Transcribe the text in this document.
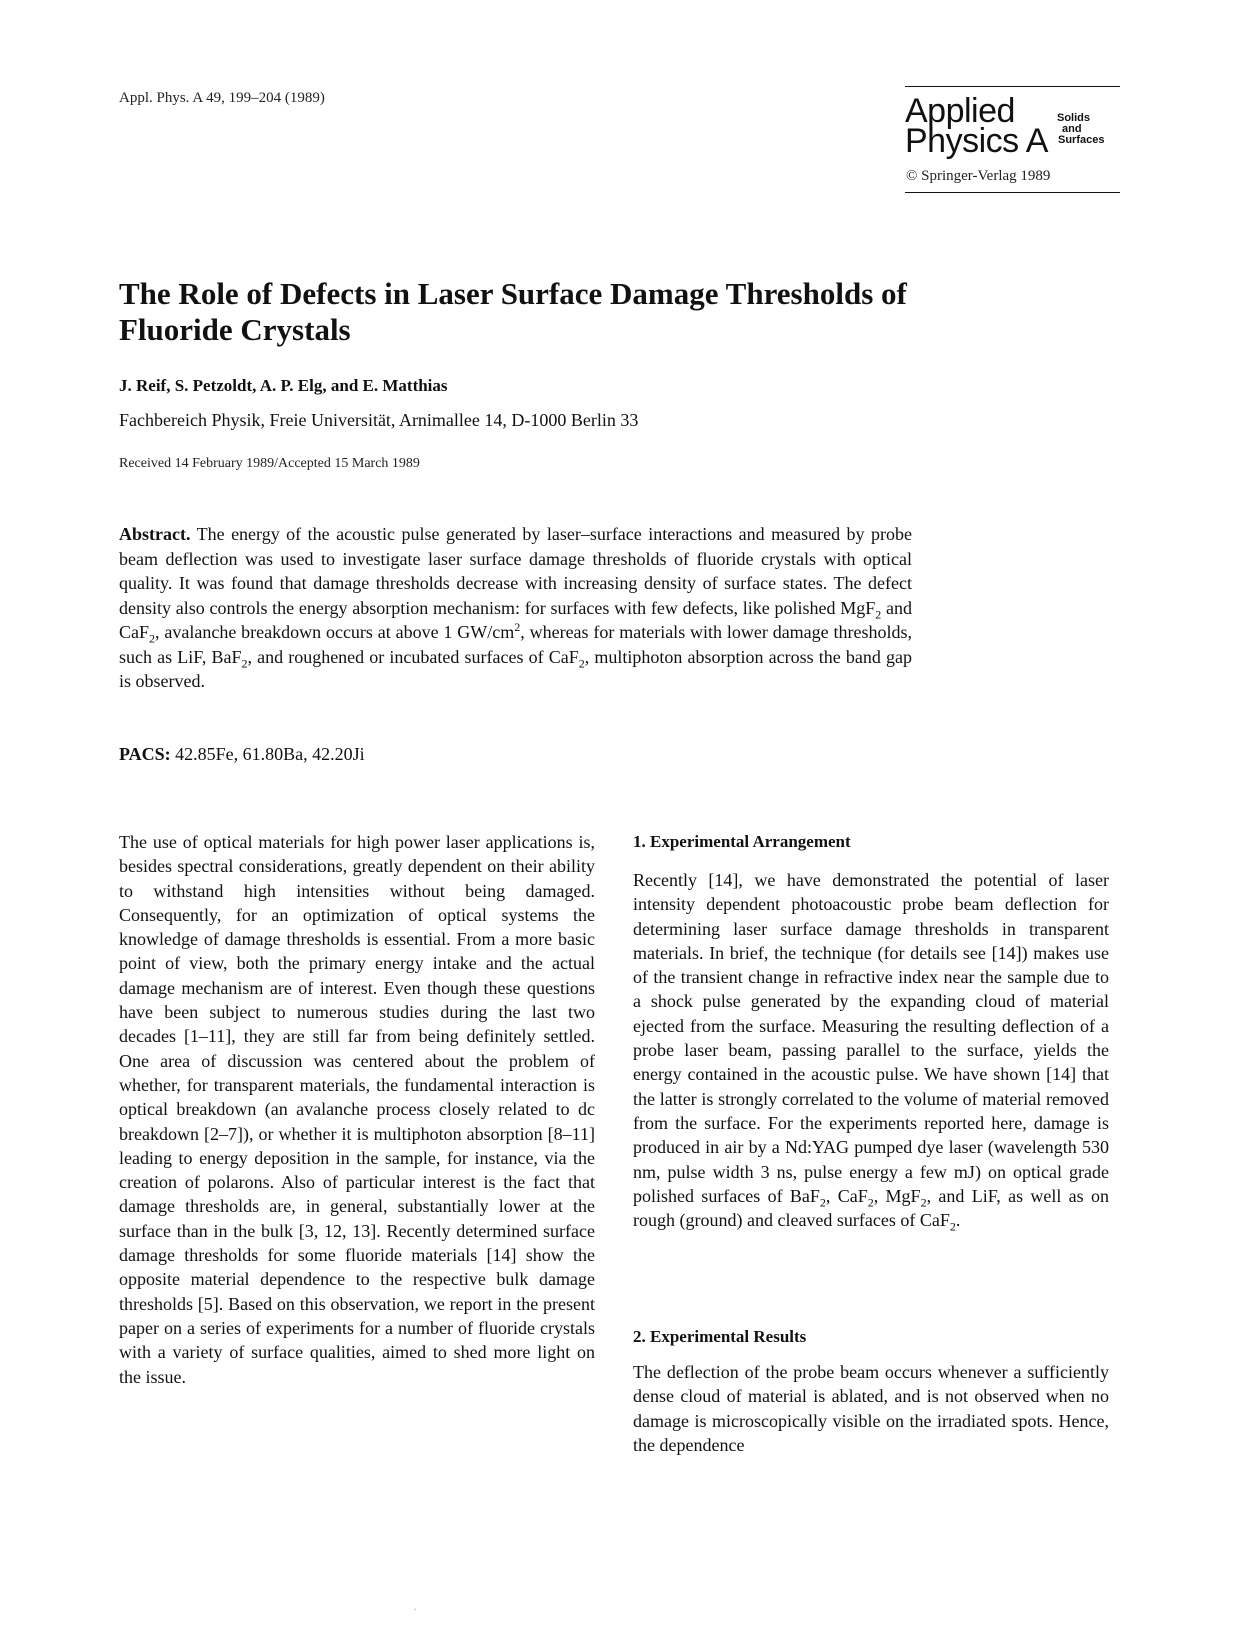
Appl. Phys. A 49, 199–204 (1989)	Applied
Physics A
Solids
and
Surfaces
© Springer-Verlag 1989
The Role of Defects in Laser Surface Damage Thresholds of Fluoride Crystals
J. Reif, S. Petzoldt, A. P. Elg, and E. Matthias
Fachbereich Physik, Freie Universität, Arnimallee 14, D-1000 Berlin 33
Received 14 February 1989/Accepted 15 March 1989
Abstract. The energy of the acoustic pulse generated by laser–surface interactions and measured by probe beam deflection was used to investigate laser surface damage thresholds of fluoride crystals with optical quality. It was found that damage thresholds decrease with increasing density of surface states. The defect density also controls the energy absorption mechanism: for surfaces with few defects, like polished MgF$_2$ and CaF$_2$, avalanche breakdown occurs at above 1 $GW/cm^2$, whereas for materials with lower damage thresholds, such as LiF, BaF$_2$, and roughened or incubated surfaces of CaF$_2$, multiphoton absorption across the band gap is observed.
PACS: 42.85Fe, 61.80Ba, 42.20Ji
The use of optical materials for high power laser applications is, besides spectral considerations, greatly dependent on their ability to withstand high intensities without being damaged. Consequently, for an optimization of optical systems the knowledge of damage thresholds is essential. From a more basic point of view, both the primary energy intake and the actual damage mechanism are of interest. Even though these questions have been subject to numerous studies during the last two decades [1–11], they are still far from being definitely settled. One area of discussion was centered about the problem of whether, for transparent materials, the fundamental interaction is optical breakdown (an avalanche process closely related to dc breakdown [2–7]), or whether it is multiphoton absorption [8–11] leading to energy deposition in the sample, for instance, via the creation of polarons. Also of particular interest is the fact that damage thresholds are, in general, substantially lower at the surface than in the bulk [3, 12, 13]. Recently determined surface damage thresholds for some fluoride materials [14] show the opposite material dependence to the respective bulk damage thresholds [5]. Based on this observation, we report in the present paper on a series of experiments for a number of fluoride crystals with a variety of surface qualities, aimed to shed more light on the issue.
1. Experimental Arrangement
Recently [14], we have demonstrated the potential of laser intensity dependent photoacoustic probe beam deflection for determining laser surface damage thresholds in transparent materials. In brief, the technique (for details see [14]) makes use of the transient change in refractive index near the sample due to a shock pulse generated by the expanding cloud of material ejected from the surface. Measuring the resulting deflection of a probe laser beam, passing parallel to the surface, yields the energy contained in the acoustic pulse. We have shown [14] that the latter is strongly correlated to the volume of material removed from the surface. For the experiments reported here, damage is produced in air by a Nd:YAG pumped dye laser (wavelength 530 nm, pulse width 3 ns, pulse energy a few mJ) on optical grade polished surfaces of BaF$_2$, CaF$_2$, MgF$_2$, and LiF, as well as on rough (ground) and cleaved surfaces of CaF$_2$.
2. Experimental Results
The deflection of the probe beam occurs whenever a sufficiently dense cloud of material is ablated, and is not observed when no damage is microscopically visible on the irradiated spots. Hence, the dependence
·
